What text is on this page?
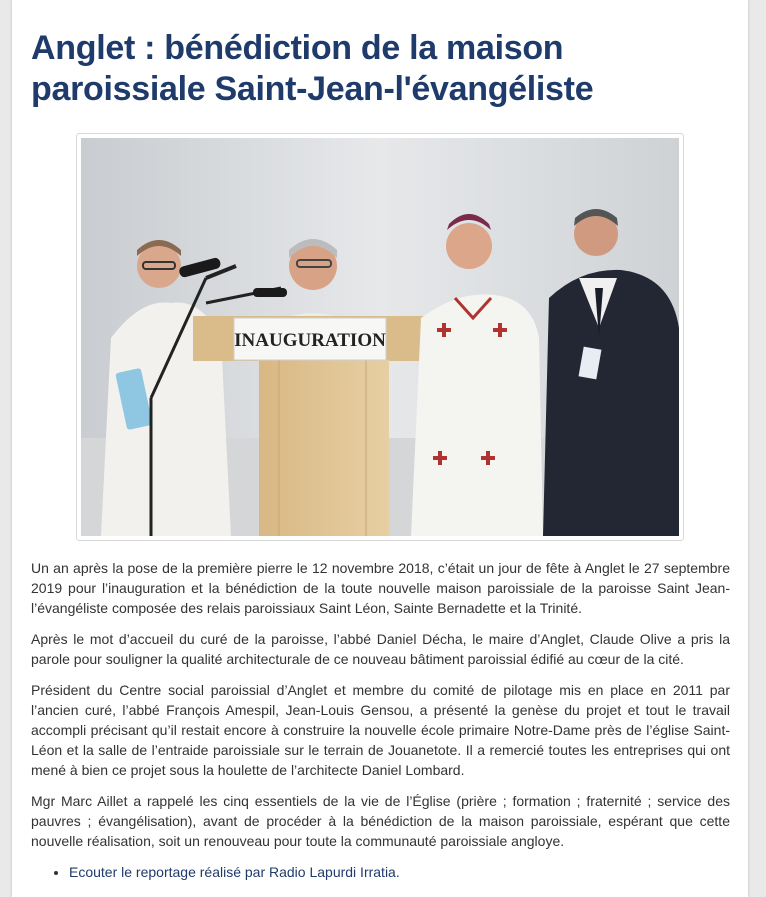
Anglet : bénédiction de la maison paroissiale Saint-Jean-l'évangéliste
INAUGURATION

Un an après la pose de la première pierre le 12 novembre 2018, c’était un jour de fête à Anglet le 27 septembre 2019 pour l’inauguration et la bénédiction de la toute nouvelle maison paroissiale de la paroisse Saint Jean-l’évangéliste composée des relais paroissiaux Saint Léon, Sainte Bernadette et la Trinité.

Après le mot d’accueil du curé de la paroisse, l’abbé Daniel Décha, le maire d’Anglet, Claude Olive a pris la parole pour souligner la qualité architecturale de ce nouveau bâtiment paroissial édifié au cœur de la cité.

Président du Centre social paroissial d’Anglet et membre du comité de pilotage mis en place en 2011 par l’ancien curé, l’abbé François Amespil, Jean-Louis Gensou, a présenté la genèse du projet et tout le travail accompli précisant qu’il restait encore à construire la nouvelle école primaire Notre-Dame près de l’église Saint-Léon et la salle de l’entraide paroissiale sur le terrain de Jouanetote. Il a remercié toutes les entreprises qui ont mené à bien ce projet sous la houlette de l’architecte Daniel Lombard.

Mgr Marc Aillet a rappelé les cinq essentiels de la vie de l’Église (prière ; formation ; fraternité ; service des pauvres ; évangélisation), avant de procéder à la bénédiction de la maison paroissiale, espérant que cette nouvelle réalisation, soit un renouveau pour toute la communauté paroissiale angloye.

• Ecouter le reportage réalisé par Radio Lapurdi Irratia.
